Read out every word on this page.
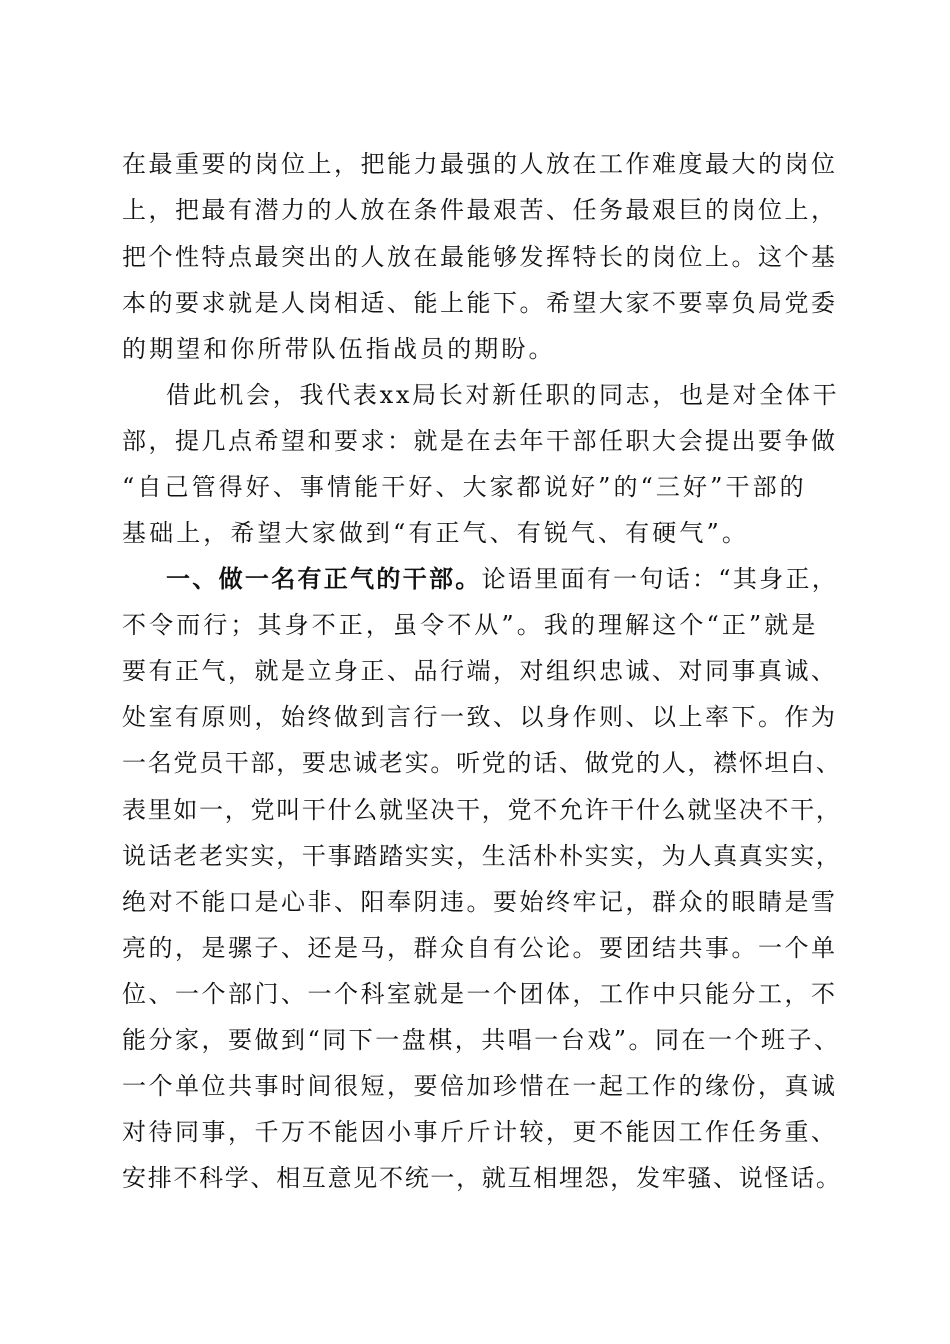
在最重要的岗位上，把能力最强的人放在工作难度最大的岗位
上，把最有潜力的人放在条件最艰苦、任务最艰巨的岗位上，
把个性特点最突出的人放在最能够发挥特长的岗位上。这个基
本的要求就是人岗相适、能上能下。希望大家不要辜负局党委
的期望和你所带队伍指战员的期盼。
借此机会，我代表xx局长对新任职的同志，也是对全体干
部，提几点希望和要求：就是在去年干部任职大会提出要争做
“自己管得好、事情能干好、大家都说好”的“三好”干部的
基础上，希望大家做到“有正气、有锐气、有硬气”。
一、做一名有正气的干部。论语里面有一句话：“其身正，
不令而行；其身不正，虽令不从”。我的理解这个“正”就是
要有正气，就是立身正、品行端，对组织忠诚、对同事真诚、
处室有原则，始终做到言行一致、以身作则、以上率下。作为
一名党员干部，要忠诚老实。听党的话、做党的人，襟怀坦白、
表里如一，党叫干什么就坚决干，党不允许干什么就坚决不干，
说话老老实实，干事踏踏实实，生活朴朴实实，为人真真实实，
绝对不能口是心非、阳奉阴违。要始终牢记，群众的眼睛是雪
亮的，是骡子、还是马，群众自有公论。要团结共事。一个单
位、一个部门、一个科室就是一个团体，工作中只能分工，不
能分家，要做到“同下一盘棋，共唱一台戏”。同在一个班子、
一个单位共事时间很短，要倍加珍惜在一起工作的缘份，真诚
对待同事，千万不能因小事斤斤计较，更不能因工作任务重、
安排不科学、相互意见不统一，就互相埋怨，发牢骚、说怪话。
